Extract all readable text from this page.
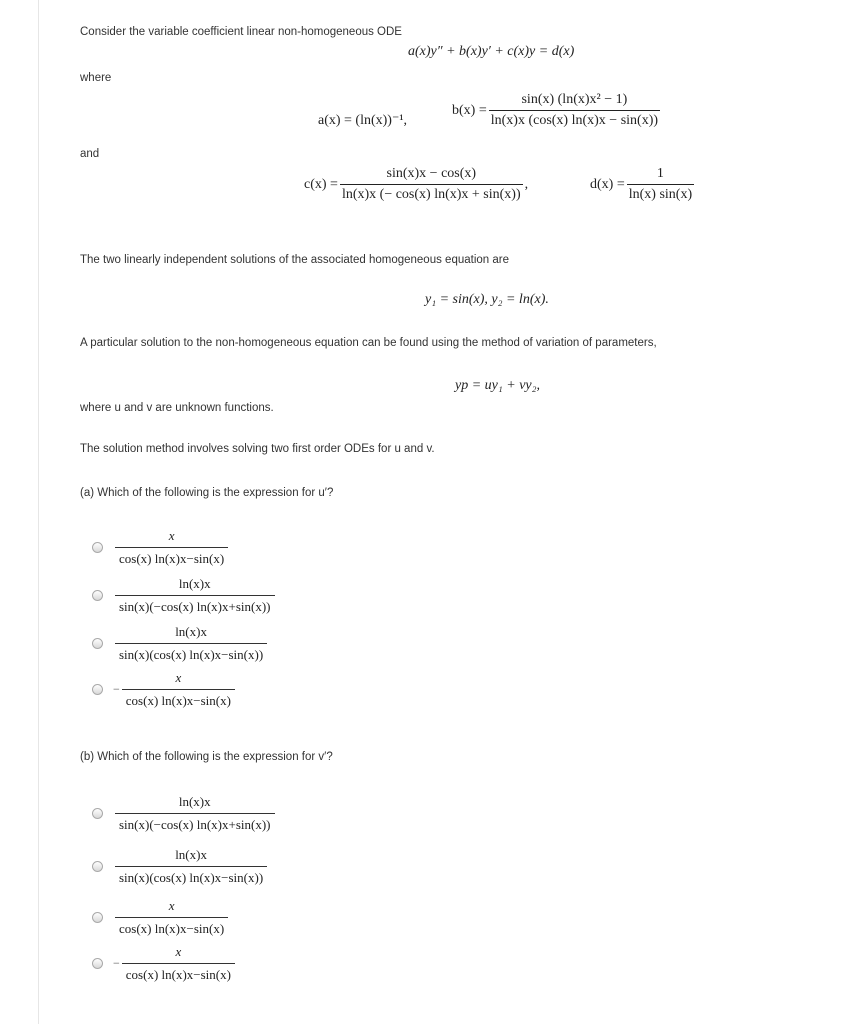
Consider the variable coefficient linear non-homogeneous ODE
a(x)y″ + b(x)y′ + c(x)y = d(x)
where
a(x) = (ln(x))⁻¹,
$b(x) = \frac{\text{sin(x) (ln(x)x² − 1)}}{\ln(x)x (\cos(x) \ln(x)x - \sin(x))}$
and
$c(x) = \frac{\sin(x)x - \cos(x)}{\ln(x)x (- \cos(x) \ln(x)x + \sin(x))}$ ,	$d(x) = \frac{1}{\ln(x) \sin(x)}$
The two linearly independent solutions of the associated homogeneous equation are
y₁ = sin(x), y₂ = ln(x).
A particular solution to the non-homogeneous equation can be found using the method of variation of parameters,
yp = uy₁ + vy₂,
where u and v are unknown functions.
The solution method involves solving two first order ODEs for u and v.
(a) Which of the following is the expression for u′?
$\frac{x}{\cos(x) \ln(x)x-\sin(x)}$
$\frac{\ln(x)x}{\sin(x)(-\cos(x) \ln(x)x+\sin(x))}$
$\frac{\ln(x)x}{\sin(x)(\cos(x) \ln(x)x-\sin(x))}$
− $\frac{x}{\cos(x) \ln(x)x-\sin(x)}$
(b) Which of the following is the expression for v′?
$\frac{\ln(x)x}{\sin(x)(-\cos(x) \ln(x)x+\sin(x))}$
$\frac{\ln(x)x}{\sin(x)(\cos(x) \ln(x)x-\sin(x))}$
$\frac{x}{\cos(x) \ln(x)x-\sin(x)}$
− $\frac{x}{\cos(x) \ln(x)x-\sin(x)}$
